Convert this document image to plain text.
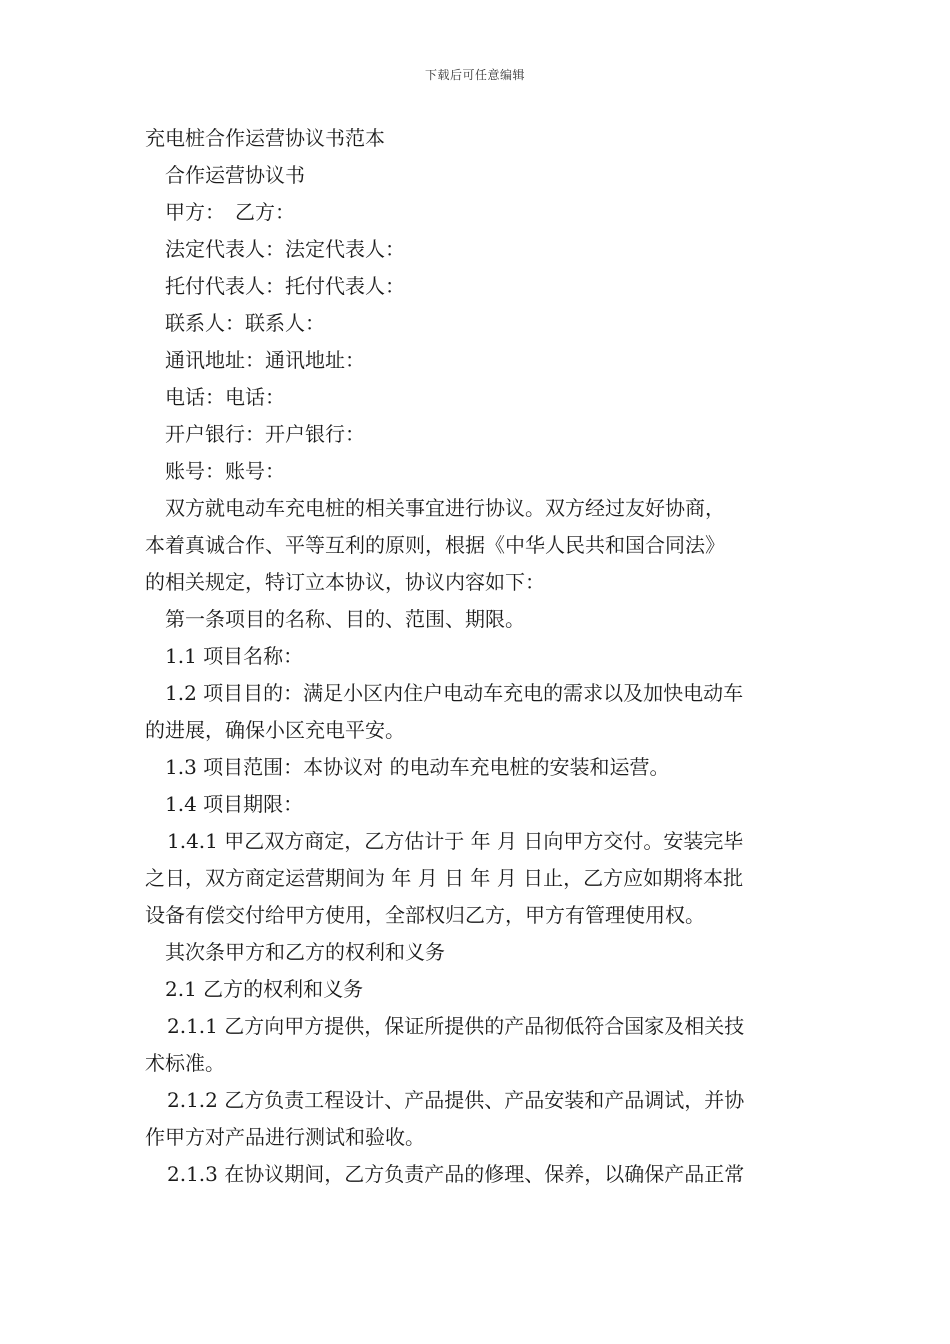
下载后可任意编辑
充电桩合作运营协议书范本
合作运营协议书
甲方：　乙方：
法定代表人：法定代表人：
托付代表人：托付代表人：
联系人：联系人：
通讯地址：通讯地址：
电话：电话：
开户银行：开户银行：
账号：账号：
双方就电动车充电桩的相关事宜进行协议。双方经过友好协商，
本着真诚合作、平等互利的原则，根据《中华人民共和国合同法》
的相关规定，特订立本协议，协议内容如下：
第一条项目的名称、目的、范围、期限。
1.1 项目名称：
1.2 项目目的：满足小区内住户电动车充电的需求以及加快电动车
的进展，确保小区充电平安。
1.3 项目范围：本协议对 的电动车充电桩的安装和运营。
1.4 项目期限：
1.4.1 甲乙双方商定，乙方估计于 年 月 日向甲方交付。安装完毕
之日，双方商定运营期间为 年 月 日 年 月 日止，乙方应如期将本批
设备有偿交付给甲方使用，全部权归乙方，甲方有管理使用权。
其次条甲方和乙方的权利和义务
2.1 乙方的权利和义务
2.1.1 乙方向甲方提供，保证所提供的产品彻低符合国家及相关技
术标准。
2.1.2 乙方负责工程设计、产品提供、产品安装和产品调试，并协
作甲方对产品进行测试和验收。
2.1.3 在协议期间，乙方负责产品的修理、保养，以确保产品正常
